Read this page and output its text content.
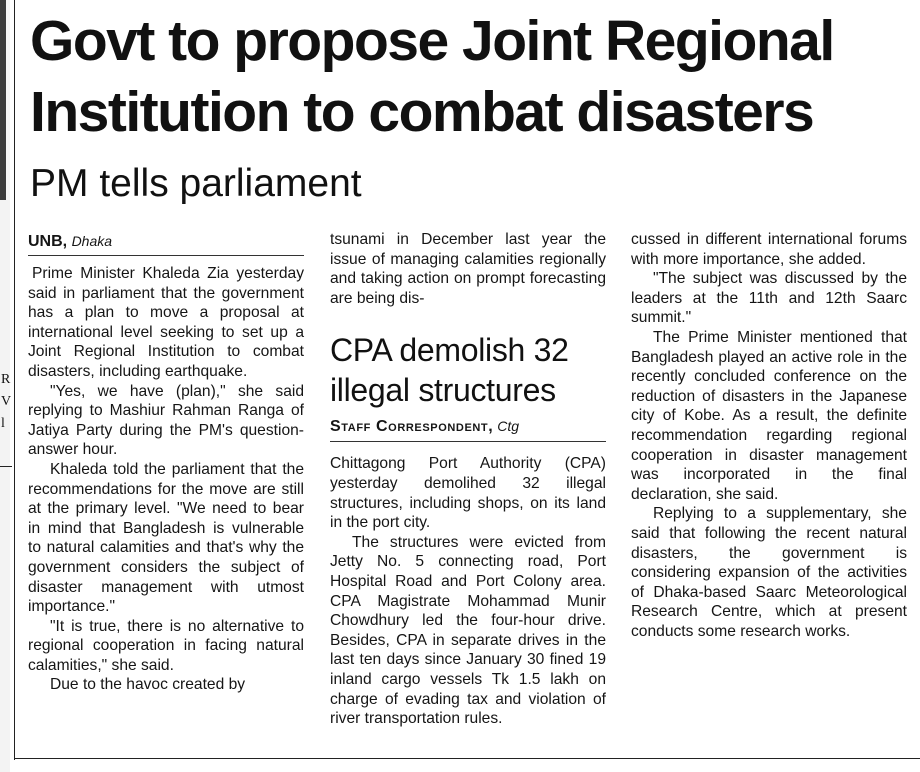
R
V
l
Govt to propose Joint Regional Institution to combat disasters
PM tells parliament
UNB, Dhaka

Prime Minister Khaleda Zia yesterday said in parliament that the government has a plan to move a proposal at international level seeking to set up a Joint Regional Institution to combat disasters, including earthquake.

"Yes, we have (plan)," she said replying to Mashiur Rahman Ranga of Jatiya Party during the PM's question-answer hour.

Khaleda told the parliament that the recommendations for the move are still at the primary level. "We need to bear in mind that Bangladesh is vulnerable to natural calamities and that's why the government considers the subject of disaster management with utmost importance."

"It is true, there is no alternative to regional cooperation in facing natural calamities," she said.

Due to the havoc created by

tsunami in December last year the issue of managing calamities regionally and taking action on prompt forecasting are being dis-

CPA demolish 32 illegal structures
Staff Correspondent, Ctg

Chittagong Port Authority (CPA) yesterday demolihed 32 illegal structures, including shops, on its land in the port city.

The structures were evicted from Jetty No. 5 connecting road, Port Hospital Road and Port Colony area. CPA Magistrate Mohammad Munir Chowdhury led the four-hour drive. Besides, CPA in separate drives in the last ten days since January 30 fined 19 inland cargo vessels Tk 1.5 lakh on charge of evading tax and violation of river transportation rules.

cussed in different international forums with more importance, she added.

"The subject was discussed by the leaders at the 11th and 12th Saarc summit."

The Prime Minister mentioned that Bangladesh played an active role in the recently concluded conference on the reduction of disasters in the Japanese city of Kobe. As a result, the definite recommendation regarding regional cooperation in disaster management was incorporated in the final declaration, she said.

Replying to a supplementary, she said that following the recent natural disasters, the government is considering expansion of the activities of Dhaka-based Saarc Meteorological Research Centre, which at present conducts some research works.
